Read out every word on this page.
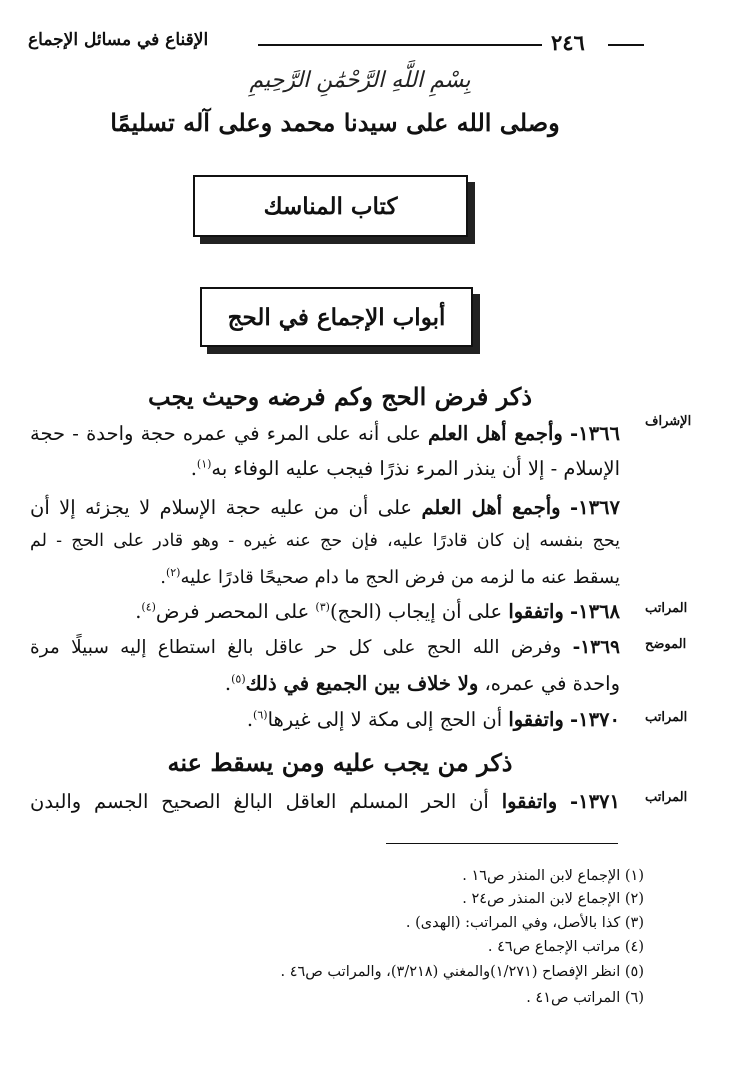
٢٤٦
الإقناع في مسائل الإجماع
بِسْمِ اللَّهِ الرَّحْمَٰنِ الرَّحِيمِ
وصلى الله على سيدنا محمد وعلى آله تسليمًا
كتاب المناسك
أبواب الإجماع في الحج
ذكر فرض الحج وكم فرضه وحيث يجب
الإشراف
المراتب
الموضح
المراتب
المراتب
١٣٦٦- وأجمع أهل العلم على أنه على المرء في عمره حجة واحدة - حجة
الإسلام - إلا أن ينذر المرء نذرًا فيجب عليه الوفاء به$^{(١)}$.
١٣٦٧- وأجمع أهل العلم على أن من عليه حجة الإسلام لا يجزئه إلا أن
يحج بنفسه إن كان قادرًا عليه، فإن حج عنه غيره - وهو قادر على الحج - لم
يسقط عنه ما لزمه من فرض الحج ما دام صحيحًا قادرًا عليه$^{(٢)}$.
١٣٦٨- واتفقوا على أن إيجاب (الحج)$^{(٣)}$ على المحصر فرض$^{(٤)}$.
١٣٦٩- وفرض الله الحج على كل حر عاقل بالغ استطاع إليه سبيلًا مرة
واحدة في عمره، ولا خلاف بين الجميع في ذلك$^{(٥)}$.
١٣٧٠- واتفقوا أن الحج إلى مكة لا إلى غيرها$^{(٦)}$.
ذكر من يجب عليه ومن يسقط عنه
١٣٧١- واتفقوا أن الحر المسلم العاقل البالغ الصحيح الجسم والبدن
(١) الإجماع لابن المنذر ص١٦ .
(٢) الإجماع لابن المنذر ص٢٤ .
(٣) كذا بالأصل، وفي المراتب: (الهدى) .
(٤) مراتب الإجماع ص٤٦ .
(٥) انظر الإفصاح (١/٢٧١)والمغني (٣/٢١٨)، والمراتب ص٤٦ .
(٦) المراتب ص٤١ .
